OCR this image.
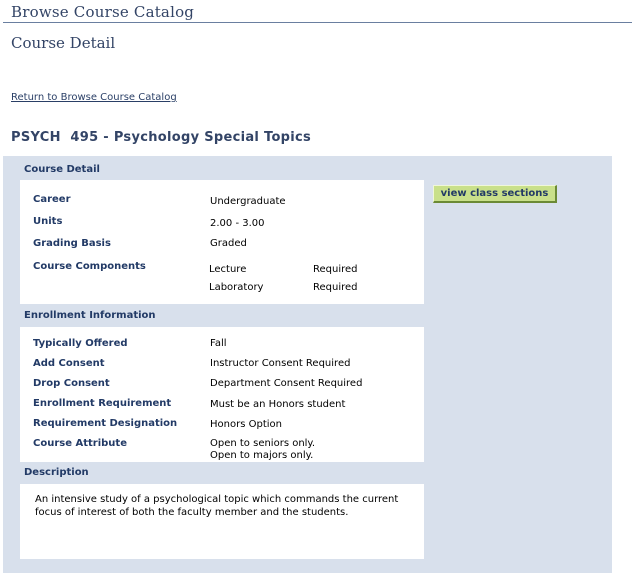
Browse Course Catalog
Course Detail
Return to Browse Course Catalog
PSYCH  495 - Psychology Special Topics
Course Detail
Career	Undergraduate
Units	2.00 - 3.00
Grading Basis	Graded
Course Components	Lecture	Required
Laboratory	Required
Enrollment Information
Typically Offered	Fall
Add Consent	Instructor Consent Required
Drop Consent	Department Consent Required
Enrollment Requirement	Must be an Honors student
Requirement Designation	Honors Option
Course Attribute	Open to seniors only.
Open to majors only.
Description
An intensive study of a psychological topic which commands the current focus of interest of both the faculty member and the students.
view class sections
